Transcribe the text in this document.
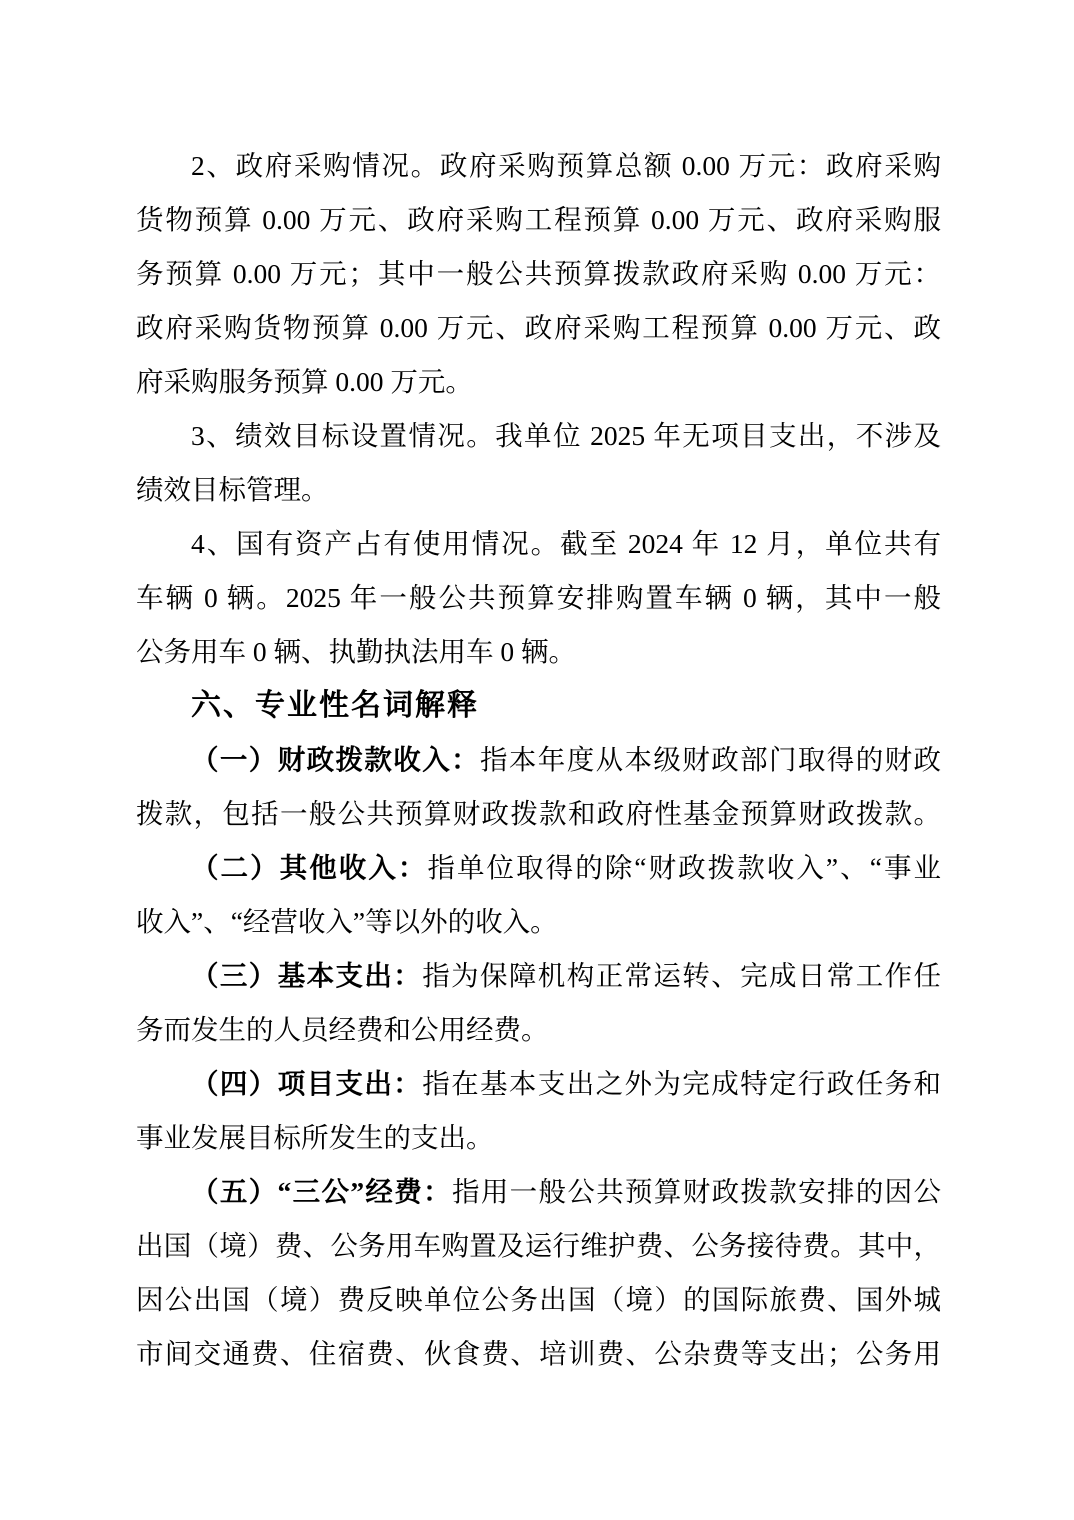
2、政府采购情况。政府采购预算总额 0.00 万元：政府采购
货物预算 0.00 万元、政府采购工程预算 0.00 万元、政府采购服
务预算 0.00 万元；其中一般公共预算拨款政府采购 0.00 万元：
政府采购货物预算 0.00 万元、政府采购工程预算 0.00 万元、政
府采购服务预算 0.00 万元。
3、绩效目标设置情况。我单位 2025 年无项目支出，不涉及
绩效目标管理。
4、国有资产占有使用情况。截至 2024 年 12 月，单位共有
车辆 0 辆。2025 年一般公共预算安排购置车辆 0 辆，其中一般
公务用车 0 辆、执勤执法用车 0 辆。
六、专业性名词解释
（一）财政拨款收入：指本年度从本级财政部门取得的财政
拨款，包括一般公共预算财政拨款和政府性基金预算财政拨款。
（二）其他收入：指单位取得的除“财政拨款收入”、“事业
收入”、“经营收入”等以外的收入。
（三）基本支出：指为保障机构正常运转、完成日常工作任
务而发生的人员经费和公用经费。
（四）项目支出：指在基本支出之外为完成特定行政任务和
事业发展目标所发生的支出。
（五）“三公”经费：指用一般公共预算财政拨款安排的因公
出国（境）费、公务用车购置及运行维护费、公务接待费。其中，
因公出国（境）费反映单位公务出国（境）的国际旅费、国外城
市间交通费、住宿费、伙食费、培训费、公杂费等支出；公务用
